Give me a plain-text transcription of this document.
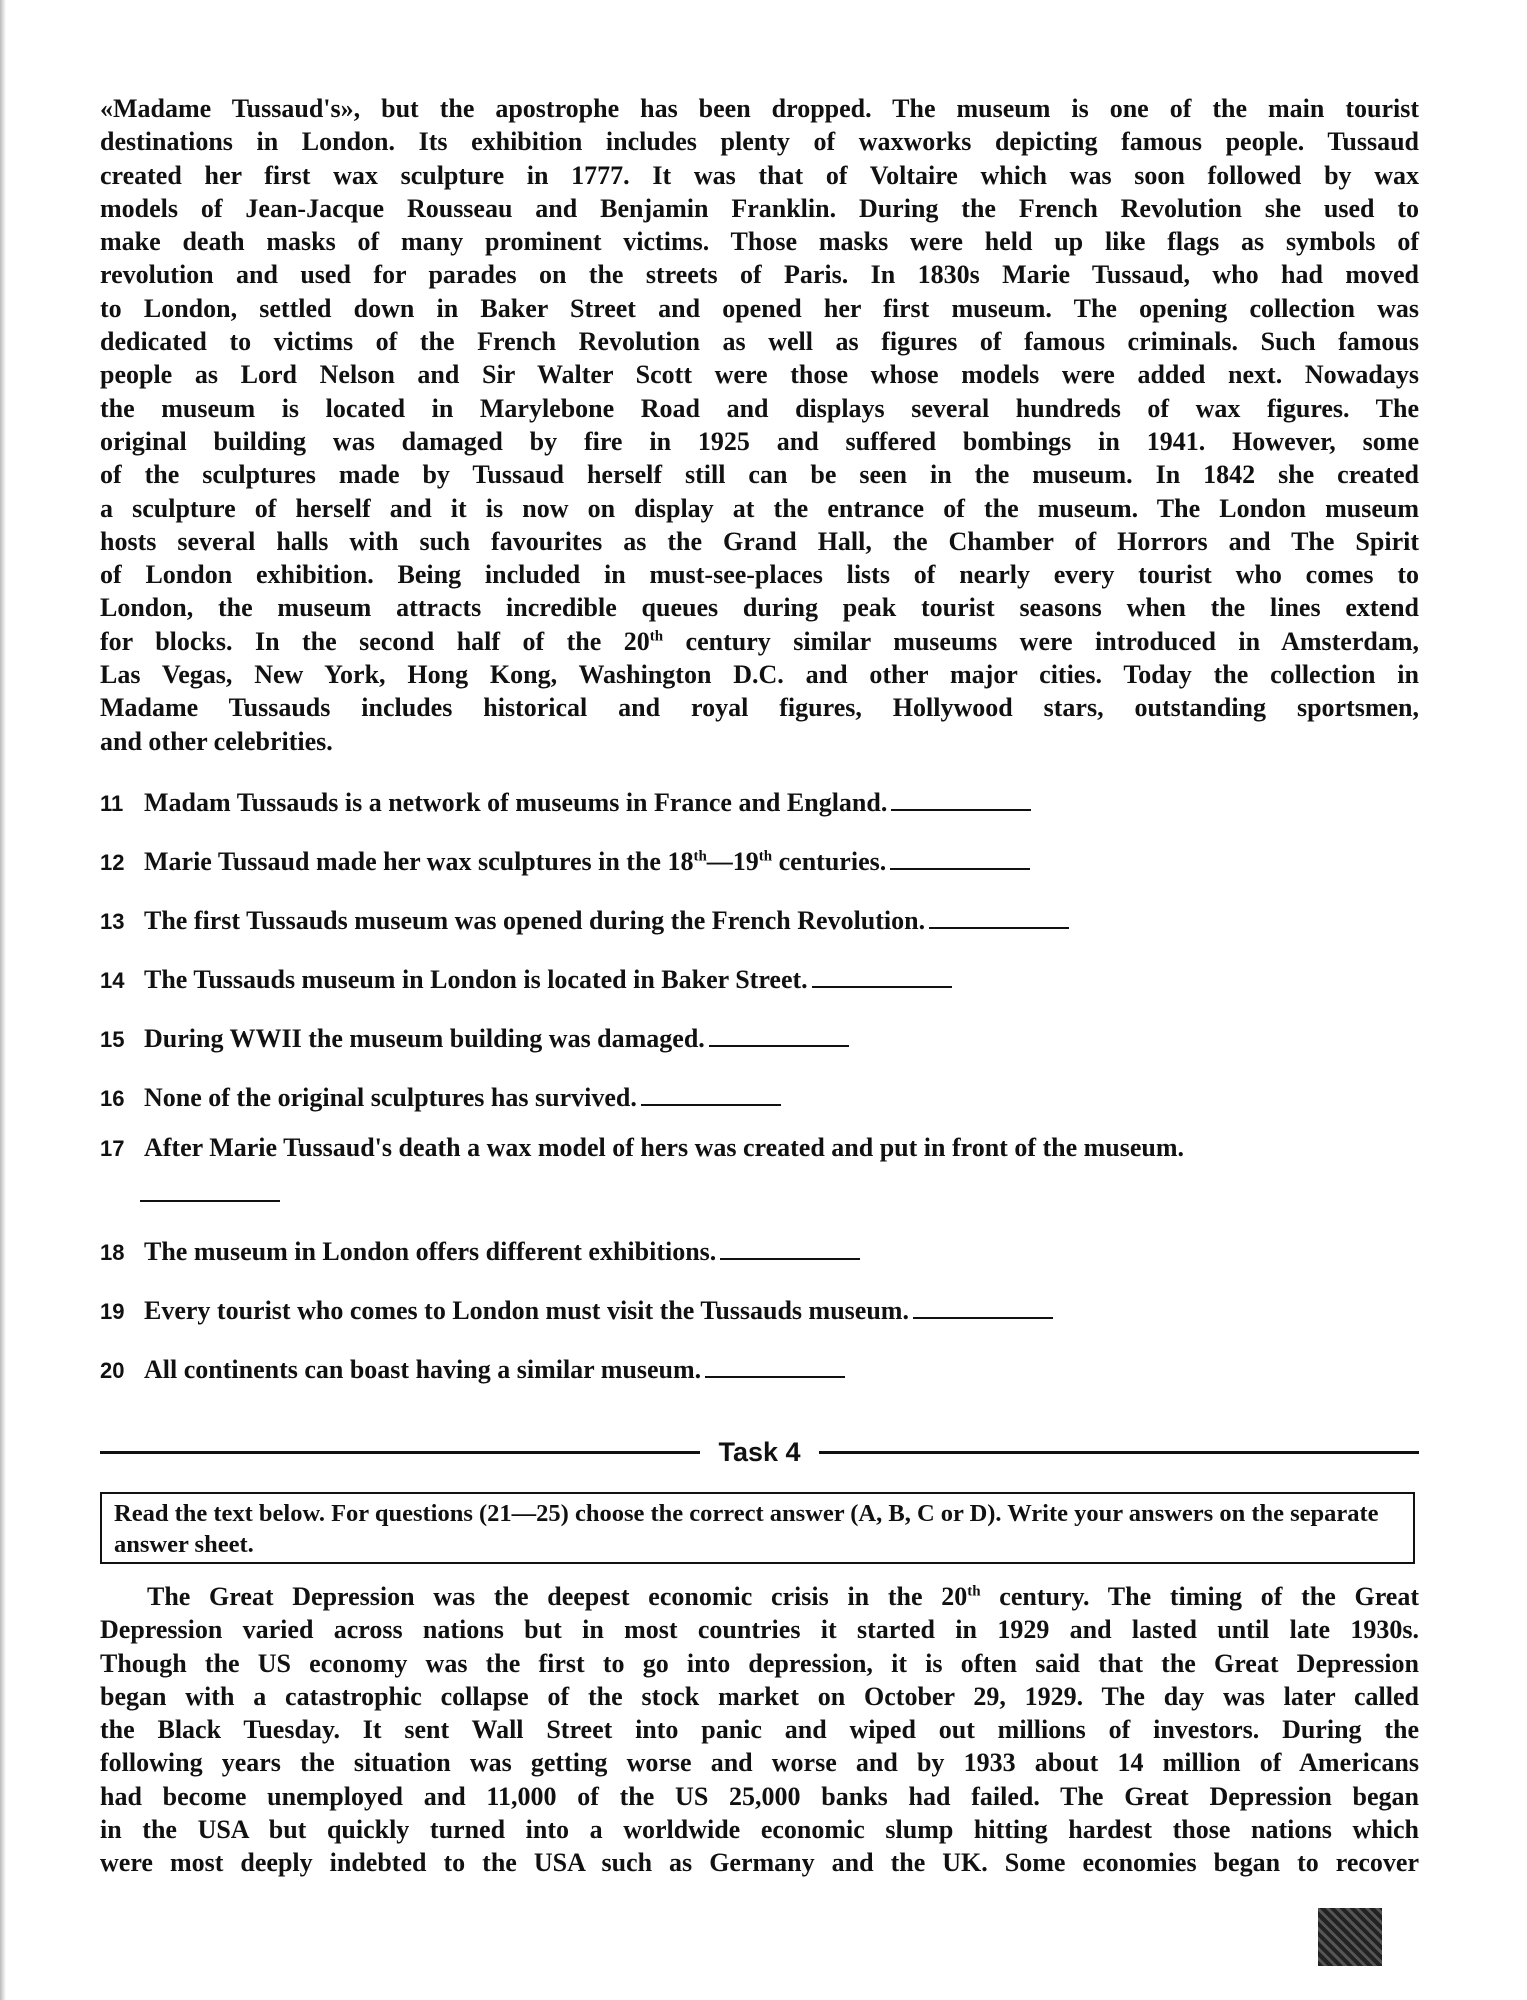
«Madame Tussaud's», but the apostrophe has been dropped. The museum is one of the main tourist
destinations in London. Its exhibition includes plenty of waxworks depicting famous people. Tussaud
created her first wax sculpture in 1777. It was that of Voltaire which was soon followed by wax
models of Jean-Jacque Rousseau and Benjamin Franklin. During the French Revolution she used to
make death masks of many prominent victims. Those masks were held up like flags as symbols of
revolution and used for parades on the streets of Paris. In 1830s Marie Tussaud, who had moved
to London, settled down in Baker Street and opened her first museum. The opening collection was
dedicated to victims of the French Revolution as well as figures of famous criminals. Such famous
people as Lord Nelson and Sir Walter Scott were those whose models were added next. Nowadays
the museum is located in Marylebone Road and displays several hundreds of wax figures. The
original building was damaged by fire in 1925 and suffered bombings in 1941. However, some
of the sculptures made by Tussaud herself still can be seen in the museum. In 1842 she created
a sculpture of herself and it is now on display at the entrance of the museum. The London museum
hosts several halls with such favourites as the Grand Hall, the Chamber of Horrors and The Spirit
of London exhibition. Being included in must-see-places lists of nearly every tourist who comes to
London, the museum attracts incredible queues during peak tourist seasons when the lines extend
for blocks. In the second half of the 20th century similar museums were introduced in Amsterdam,
Las Vegas, New York, Hong Kong, Washington D.C. and other major cities. Today the collection in
Madame Tussauds includes historical and royal figures, Hollywood stars, outstanding sportsmen,
and other celebrities.
11 Madam Tussauds is a network of museums in France and England.
12 Marie Tussaud made her wax sculptures in the 18th—19th centuries.
13 The first Tussauds museum was opened during the French Revolution.
14 The Tussauds museum in London is located in Baker Street.
15 During WWII the museum building was damaged.
16 None of the original sculptures has survived.
17 After Marie Tussaud's death a wax model of hers was created and put in front of the museum.
18 The museum in London offers different exhibitions.
19 Every tourist who comes to London must visit the Tussauds museum.
20 All continents can boast having a similar museum.
Task 4
Read the text below. For questions (21—25) choose the correct answer (A, B, C or D). Write your answers on the separate answer sheet.
The Great Depression was the deepest economic crisis in the 20th century. The timing of the Great
Depression varied across nations but in most countries it started in 1929 and lasted until late 1930s.
Though the US economy was the first to go into depression, it is often said that the Great Depression
began with a catastrophic collapse of the stock market on October 29, 1929. The day was later called
the Black Tuesday. It sent Wall Street into panic and wiped out millions of investors. During the
following years the situation was getting worse and worse and by 1933 about 14 million of Americans
had become unemployed and 11,000 of the US 25,000 banks had failed. The Great Depression began
in the USA but quickly turned into a worldwide economic slump hitting hardest those nations which
were most deeply indebted to the USA such as Germany and the UK. Some economies began to recover
